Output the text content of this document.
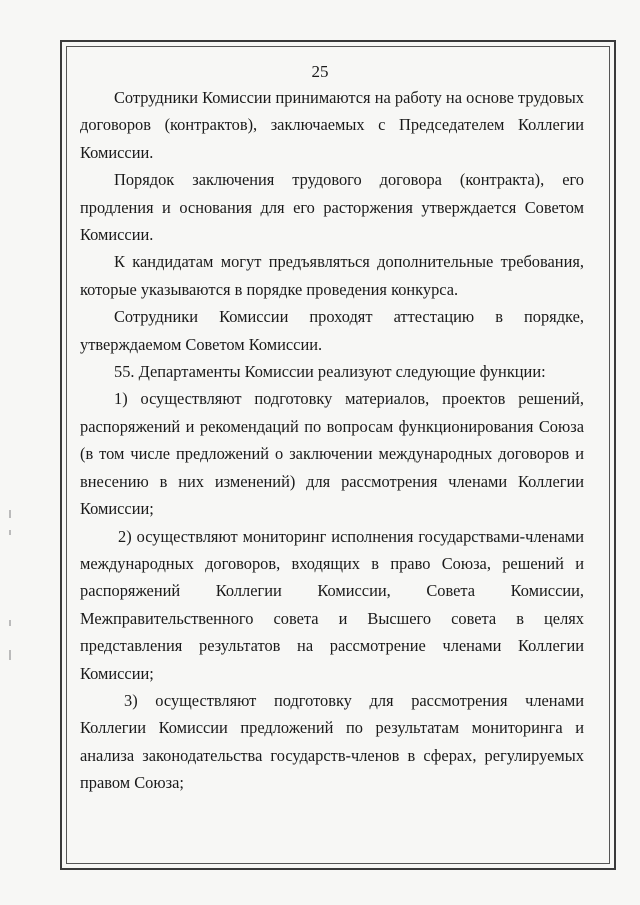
25

Сотрудники Комиссии принимаются на работу на основе трудовых договоров (контрактов), заключаемых с Председателем Коллегии Комиссии.

Порядок заключения трудового договора (контракта), его продления и основания для его расторжения утверждается Советом Комиссии.

К кандидатам могут предъявляться дополнительные требования, которые указываются в порядке проведения конкурса.

Сотрудники Комиссии проходят аттестацию в порядке, утверждаемом Советом Комиссии.

55. Департаменты Комиссии реализуют следующие функции:

1) осуществляют подготовку материалов, проектов решений, распоряжений и рекомендаций по вопросам функционирования Союза (в том числе предложений о заключении международных договоров и внесению в них изменений) для рассмотрения членами Коллегии Комиссии;

2) осуществляют мониторинг исполнения государствами-членами международных договоров, входящих в право Союза, решений и распоряжений Коллегии Комиссии, Совета Комиссии, Межправительственного совета и Высшего совета в целях представления результатов на рассмотрение членами Коллегии Комиссии;

3) осуществляют подготовку для рассмотрения членами Коллегии Комиссии предложений по результатам мониторинга и анализа законодательства государств-членов в сферах, регулируемых правом Союза;
